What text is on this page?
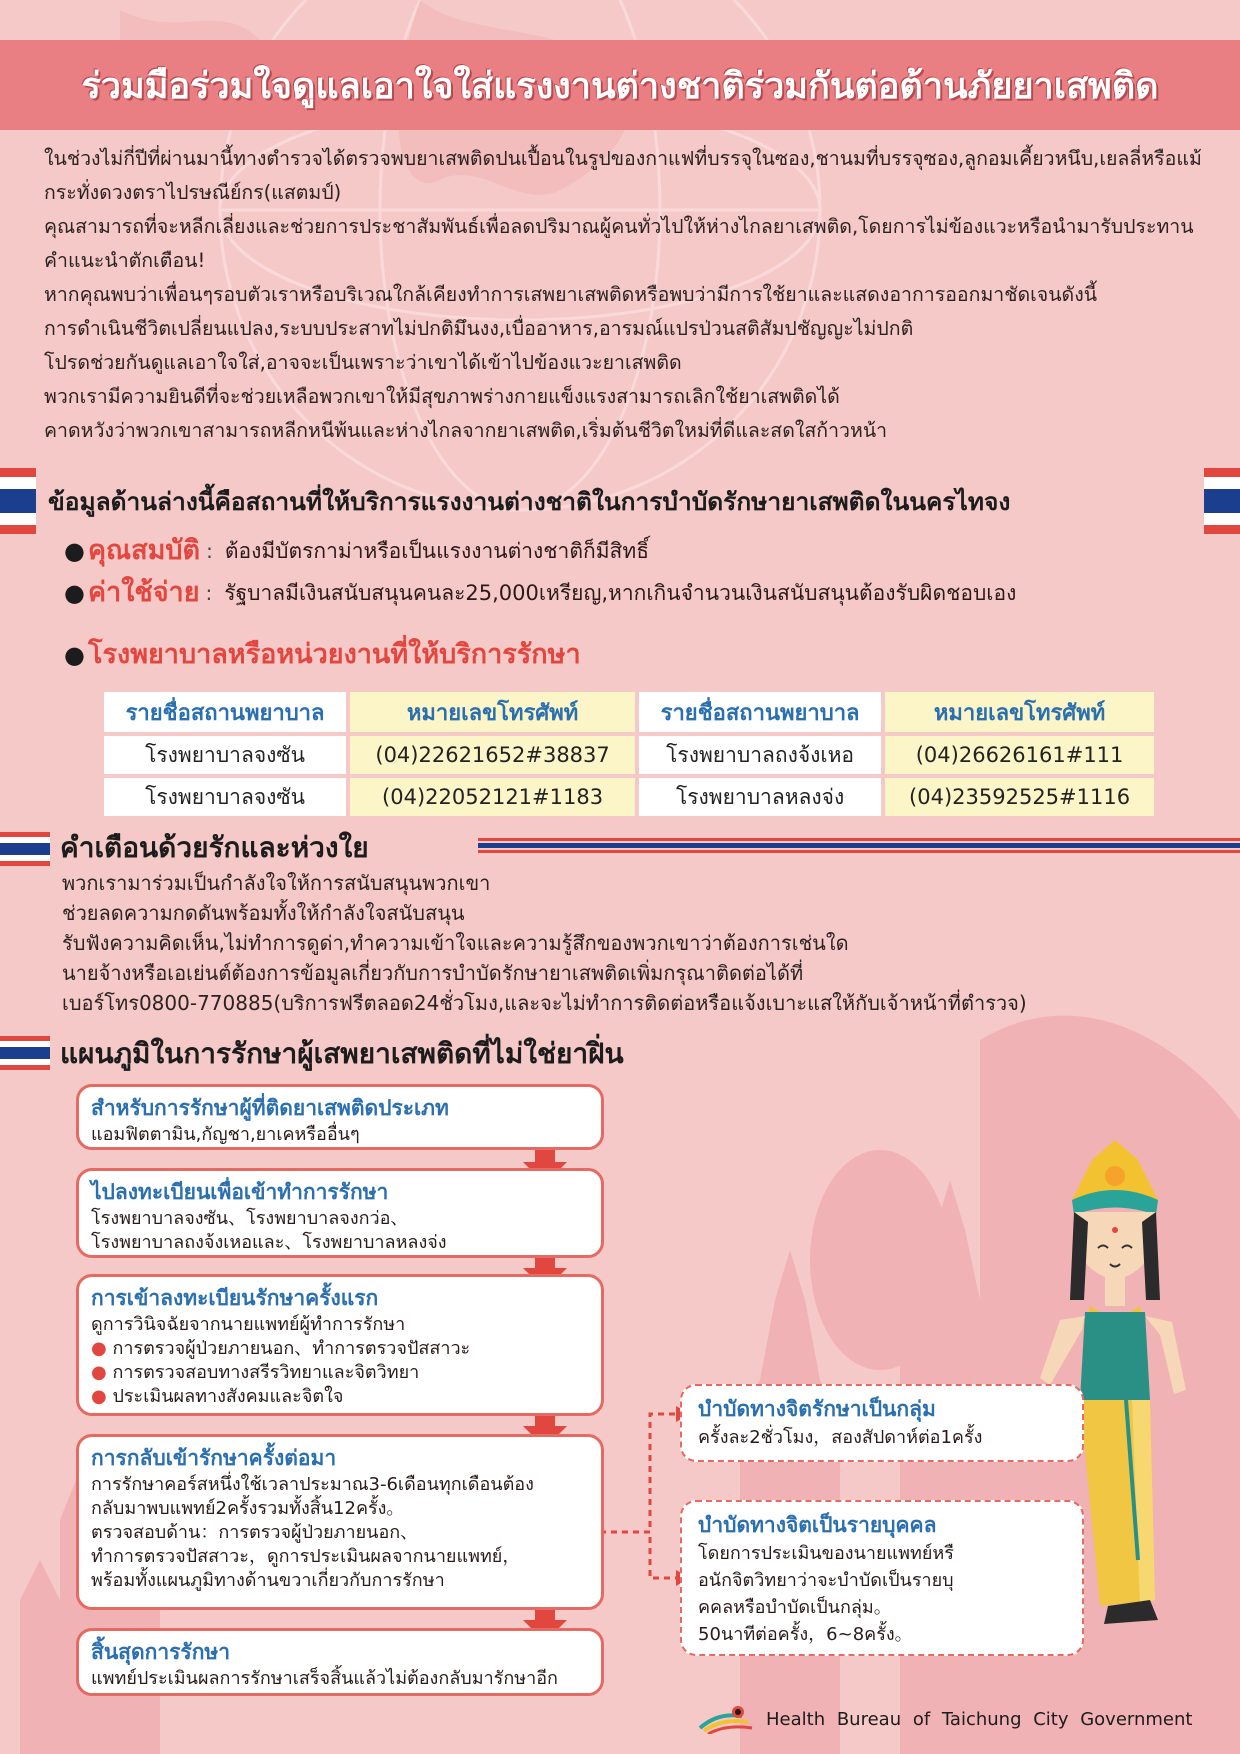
ร่วมมือร่วมใจดูแลเอาใจใส่แรงงานต่างชาติร่วมกันต่อต้านภัยยาเสพติด

ในช่วงไม่กี่ปีที่ผ่านมานี้ทางตำรวจได้ตรวจพบยาเสพติดปนเปื้อนในรูปของกาแฟที่บรรจุในซอง,ชานมที่บรรจุซอง,ลูกอมเคี้ยวหนึบ,เยลลี่หรือแม้กระทั่งดวงตราไปรษณีย์กร(แสตมป์)

คุณสามารถที่จะหลีกเลี่ยงและช่วยการประชาสัมพันธ์เพื่อลดปริมาณผู้คนทั่วไปให้ห่างไกลยาเสพติด,โดยการไม่ข้องแวะหรือนำมารับประทานคำแนะนำตักเตือน!

หากคุณพบว่าเพื่อนๆรอบตัวเราหรือบริเวณใกล้เคียงทำการเสพยาเสพติดหรือพบว่ามีการใช้ยาและแสดงอาการออกมาชัดเจนดังนี้

การดำเนินชีวิตเปลี่ยนแปลง,ระบบประสาทไม่ปกติมึนงง,เบื่ออาหาร,อารมณ์แปรป่วนสติสัมปชัญญะไม่ปกติ

โปรดช่วยกันดูแลเอาใจใส่,อาจจะเป็นเพราะว่าเขาได้เข้าไปข้องแวะยาเสพติด

พวกเรามีความยินดีที่จะช่วยเหลือพวกเขาให้มีสุขภาพร่างกายแข็งแรงสามารถเลิกใช้ยาเสพติดได้

คาดหวังว่าพวกเขาสามารถหลีกหนีพ้นและห่างไกลจากยาเสพติด,เริ่มต้นชีวิตใหม่ที่ดีและสดใสก้าวหน้า

ข้อมูลด้านล่างนี้คือสถานที่ให้บริการแรงงานต่างชาติในการบำบัดรักษายาเสพติดในนครไทจง
● คุณสมบัติ : ต้องมีบัตรกาม่าหรือเป็นแรงงานต่างชาติก็มีสิทธิ์
● ค่าใช้จ่าย : รัฐบาลมีเงินสนับสนุนคนละ25,000เหรียญ,หากเกินจำนวนเงินสนับสนุนต้องรับผิดชอบเอง
● โรงพยาบาลหรือหน่วยงานที่ให้บริการรักษา
รายชื่อสถานพยาบาล	หมายเลขโทรศัพท์	รายชื่อสถานพยาบาล	หมายเลขโทรศัพท์
โรงพยาบาลจงซัน	(04)22621652#38837	โรงพยาบาลถงจ้งเหอ	(04)26626161#111
โรงพยาบาลจงซัน	(04)22052121#1183	โรงพยาบาลหลงจ่ง	(04)23592525#1116
คำเตือนด้วยรักและห่วงใย

พวกเรามาร่วมเป็นกำลังใจให้การสนับสนุนพวกเขา

ช่วยลดความกดดันพร้อมทั้งให้กำลังใจสนับสนุน

รับฟังความคิดเห็น,ไม่ทำการดูด่า,ทำความเข้าใจและความรู้สึกของพวกเขาว่าต้องการเช่นใด

นายจ้างหรือเอเย่นต์ต้องการข้อมูลเกี่ยวกับการบำบัดรักษายาเสพติดเพิ่มกรุณาติดต่อได้ที่

เบอร์โทร0800-770885(บริการฟรีตลอด24ชั่วโมง,และจะไม่ทำการติดต่อหรือแจ้งเบาะแสให้กับเจ้าหน้าที่ตำรวจ)

แผนภูมิในการรักษาผู้เสพยาเสพติดที่ไม่ใช่ยาฝิ่น
สำหรับการรักษาผู้ที่ติดยาเสพติดประเภท
แอมฟิตตามิน,กัญชา,ยาเคหรืออื่นๆ
ไปลงทะเบียนเพื่อเข้าทำการรักษา
โรงพยาบาลจงซัน、โรงพยาบาลจงกว่อ、
โรงพยาบาลถงจ้งเหอและ、โรงพยาบาลหลงจ่ง
การเข้าลงทะเบียนรักษาครั้งแรก
ดูการวินิจฉัยจากนายแพทย์ผู้ทำการรักษา
● การตรวจผู้ป่วยภายนอก、ทำการตรวจปัสสาวะ
● การตรวจสอบทางสรีรวิทยาและจิตวิทยา
● ประเมินผลทางสังคมและจิตใจ
การกลับเข้ารักษาครั้งต่อมา
การรักษาคอร์สหนึ่งใช้เวลาประมาณ3-6เดือนทุกเดือนต้อง
กลับมาพบแพทย์2ครั้งรวมทั้งสิ้น12ครั้ง。
ตรวจสอบด้าน：การตรวจผู้ป่วยภายนอก、
ทำการตรวจปัสสาวะ，ดูการประเมินผลจากนายแพทย์，
พร้อมทั้งแผนภูมิทางด้านขวาเกี่ยวกับการรักษา
สิ้นสุดการรักษา
แพทย์ประเมินผลการรักษาเสร็จสิ้นแล้วไม่ต้องกลับมารักษาอีก
บำบัดทางจิตรักษาเป็นกลุ่ม
ครั้งละ2ชั่วโมง，สองสัปดาห์ต่อ1ครั้ง
บำบัดทางจิตเป็นรายบุคคล
โดยการประเมินของนายแพทย์หรื
อนักจิตวิทยาว่าจะบำบัดเป็นรายบุ
คคลหรือบำบัดเป็นกลุ่ม。
50นาทีต่อครั้ง，6~8ครั้ง。
Health Bureau of Taichung City Government
